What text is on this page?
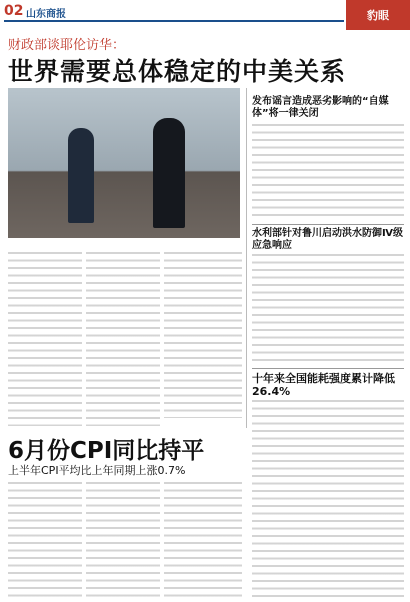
02 山东商报	豹眼
财政部谈耶伦访华：
世界需要总体稳定的中美关系
发布谣言造成恶劣影响的“自媒体”将一律关闭
水利部针对鲁川启动洪水防御Ⅳ级应急响应
十年来全国能耗强度累计降低26.4%
6月份CPI同比持平
上半年CPI平均比上年同期上涨0.7%
